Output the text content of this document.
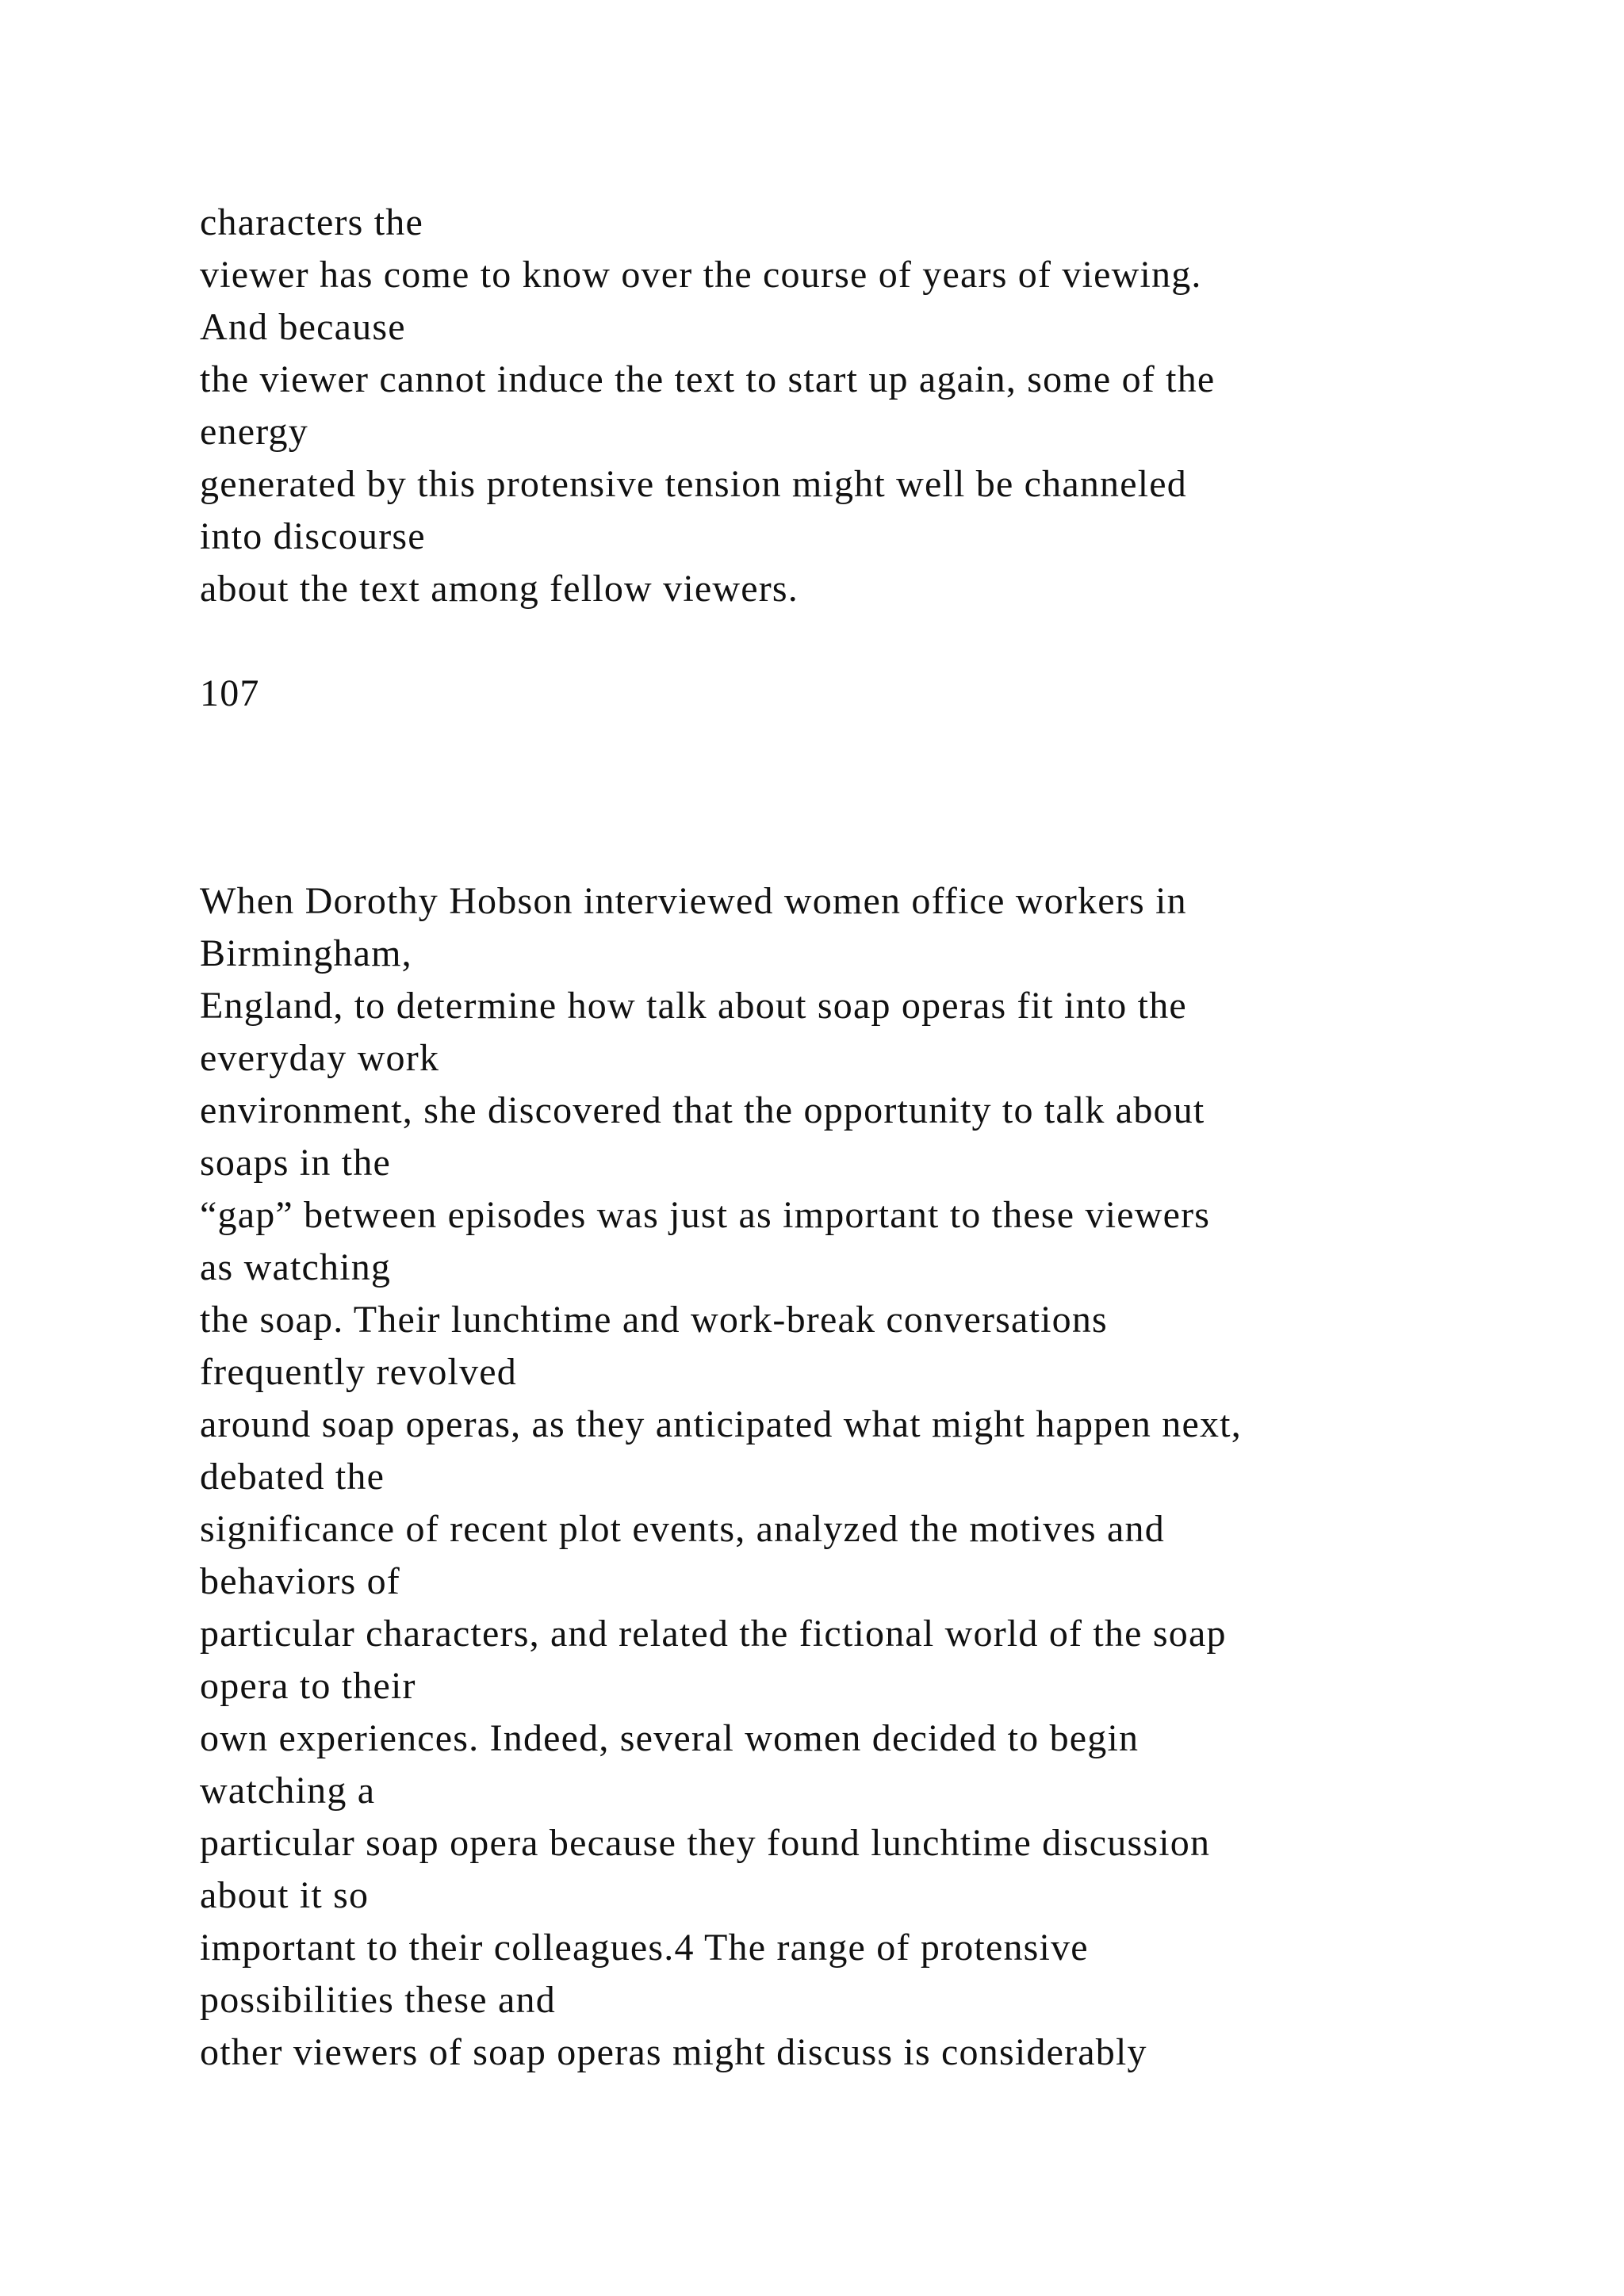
characters the

viewer has come to know over the course of years of viewing.

And because

the viewer cannot induce the text to start up again, some of the

energy

generated by this protensive tension might well be channeled

into discourse

about the text among fellow viewers.

107

When Dorothy Hobson interviewed women office workers in

Birmingham,

England, to determine how talk about soap operas fit into the

everyday work

environment, she discovered that the opportunity to talk about

soaps in the

“gap” between episodes was just as important to these viewers

as watching

the soap. Their lunchtime and work-break conversations

frequently revolved

around soap operas, as they anticipated what might happen next,

debated the

significance of recent plot events, analyzed the motives and

behaviors of

particular characters, and related the fictional world of the soap

opera to their

own experiences. Indeed, several women decided to begin

watching a

particular soap opera because they found lunchtime discussion

about it so

important to their colleagues.4 The range of protensive

possibilities these and

other viewers of soap operas might discuss is considerably
